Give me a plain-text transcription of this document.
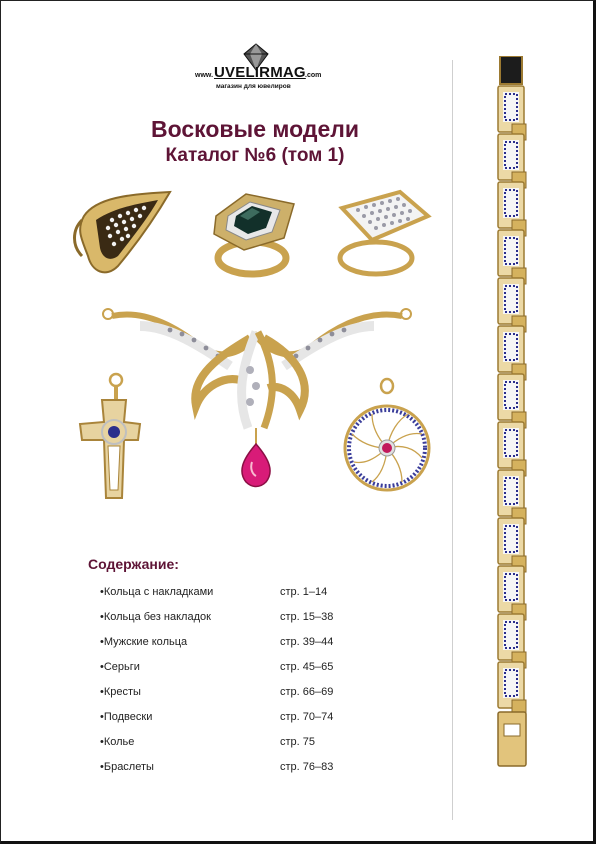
www. UVELIRMAG .com
магазин для ювелиров
Восковые модели
Каталог №6 (том 1)
Содержание:
•Кольца с накладками	стр. 1–14
•Кольца без накладок	стр. 15–38
•Мужские кольца	стр. 39–44
•Серьги	стр. 45–65
•Кресты	стр. 66–69
•Подвески	стр. 70–74
•Колье	стр. 75
•Браслеты	стр. 76–83
